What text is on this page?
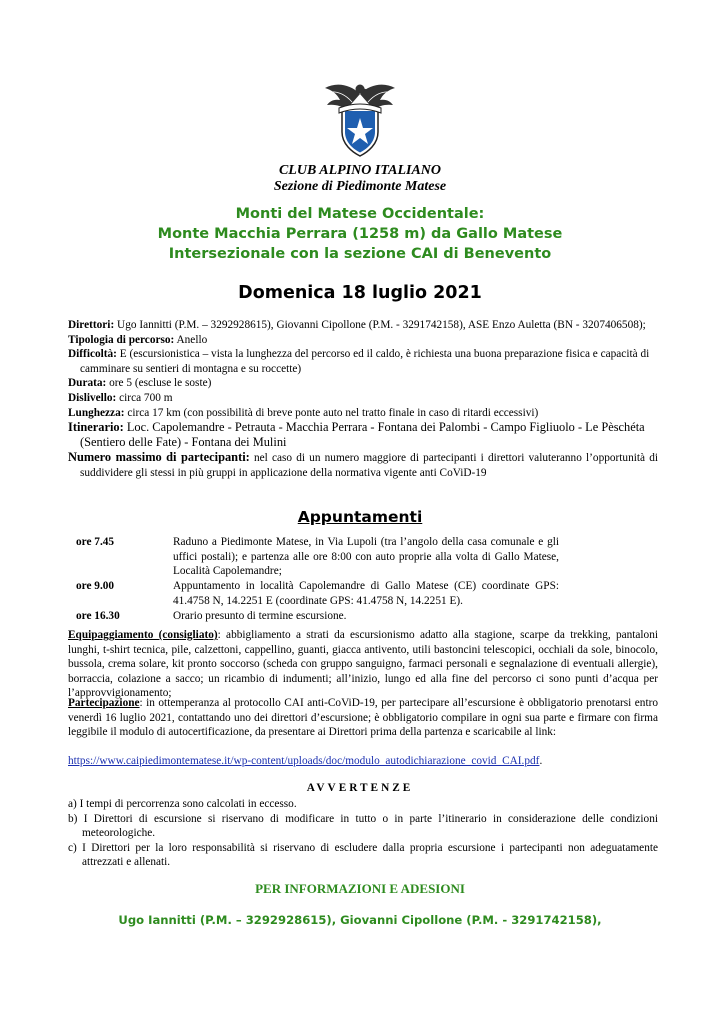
CLUB ALPINO ITALIANO
Sezione di Piedimonte Matese
Monti del Matese Occidentale:
Monte Macchia Perrara (1258 m) da Gallo Matese
Intersezionale con la sezione CAI di Benevento
Domenica 18 luglio 2021
Direttori: Ugo Iannitti (P.M. – 3292928615), Giovanni Cipollone (P.M. - 3291742158), ASE Enzo Auletta (BN - 3207406508);
Tipologia di percorso: Anello
Difficoltà: E (escursionistica – vista la lunghezza del percorso ed il caldo, è richiesta una buona preparazione fisica e capacità di camminare su sentieri di montagna e su roccette)
Durata: ore 5 (escluse le soste)
Dislivello: circa 700 m
Lunghezza: circa 17 km (con possibilità di breve ponte auto nel tratto finale in caso di ritardi eccessivi)
Itinerario: Loc. Capolemandre - Petrauta - Macchia Perrara - Fontana dei Palombi - Campo Figliuolo - Le Pèschéta (Sentiero delle Fate) - Fontana dei Mulini
Numero massimo di partecipanti: nel caso di un numero maggiore di partecipanti i direttori valuteranno l’opportunità di suddividere gli stessi in più gruppi in applicazione della normativa vigente anti CoViD-19
Appuntamenti
ore 7.45	Raduno a Piedimonte Matese, in Via Lupoli (tra l’angolo della casa comunale e gli uffici postali); e partenza alle ore 8:00 con auto proprie alla volta di Gallo Matese, Località Capolemandre;
ore 9.00	Appuntamento in località Capolemandre di Gallo Matese (CE) coordinate GPS: 41.4758 N, 14.2251 E (coordinate GPS: 41.4758 N, 14.2251 E).
ore 16.30	Orario presunto di termine escursione.
Equipaggiamento (consigliato): abbigliamento a strati da escursionismo adatto alla stagione, scarpe da trekking, pantaloni lunghi, t-shirt tecnica, pile, calzettoni, cappellino, guanti, giacca antivento, utili bastoncini telescopici, occhiali da sole, binocolo, bussola, crema solare, kit pronto soccorso (scheda con gruppo sanguigno, farmaci personali e segnalazione di eventuali allergie), borraccia, colazione a sacco; un ricambio di indumenti; all’inizio, lungo ed alla fine del percorso ci sono punti d’acqua per l’approvvigionamento;
Partecipazione: in ottemperanza al protocollo CAI anti-CoViD-19, per partecipare all’escursione è obbligatorio prenotarsi entro venerdì 16 luglio 2021, contattando uno dei direttori d’escursione; è obbligatorio compilare in ogni sua parte e firmare con firma leggibile il modulo di autocertificazione, da presentare ai Direttori prima della partenza e scaricabile al link:
https://www.caipiedimontematese.it/wp-content/uploads/doc/modulo_autodichiarazione_covid_CAI.pdf.
AVVERTENZE
a) I tempi di percorrenza sono calcolati in eccesso.
b) I Direttori di escursione si riservano di modificare in tutto o in parte l’itinerario in considerazione delle condizioni meteorologiche.
c) I Direttori per la loro responsabilità si riservano di escludere dalla propria escursione i partecipanti non adeguatamente attrezzati e allenati.
PER INFORMAZIONI E ADESIONI
Ugo Iannitti (P.M. – 3292928615), Giovanni Cipollone (P.M. - 3291742158),
